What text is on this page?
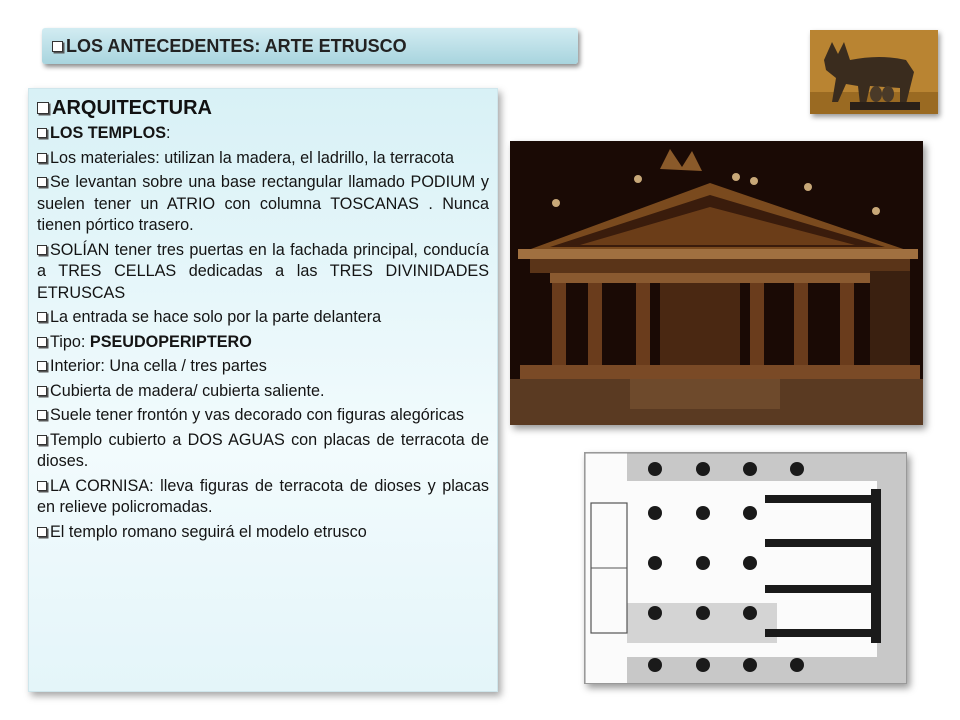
LOS ANTECEDENTES: ARTE ETRUSCO
ARQUITECTURA
LOS TEMPLOS:
Los materiales: utilizan la madera, el ladrillo, la terracota
Se levantan sobre una base rectangular llamado PODIUM y suelen tener un ATRIO con columna TOSCANAS . Nunca tienen pórtico trasero.
SOLÍAN tener tres puertas en la fachada principal, conducía a TRES CELLAS dedicadas a las TRES DIVINIDADES ETRUSCAS
La entrada se hace solo por la parte delantera
Tipo: PSEUDOPERIPTERO
Interior: Una cella / tres partes
Cubierta de madera/ cubierta saliente.
Suele tener frontón y vas decorado con figuras alegóricas
Templo cubierto a DOS AGUAS con placas de terracota de dioses.
LA CORNISA: lleva figuras de terracota de dioses y placas en relieve policromadas.
El templo romano seguirá el modelo etrusco
